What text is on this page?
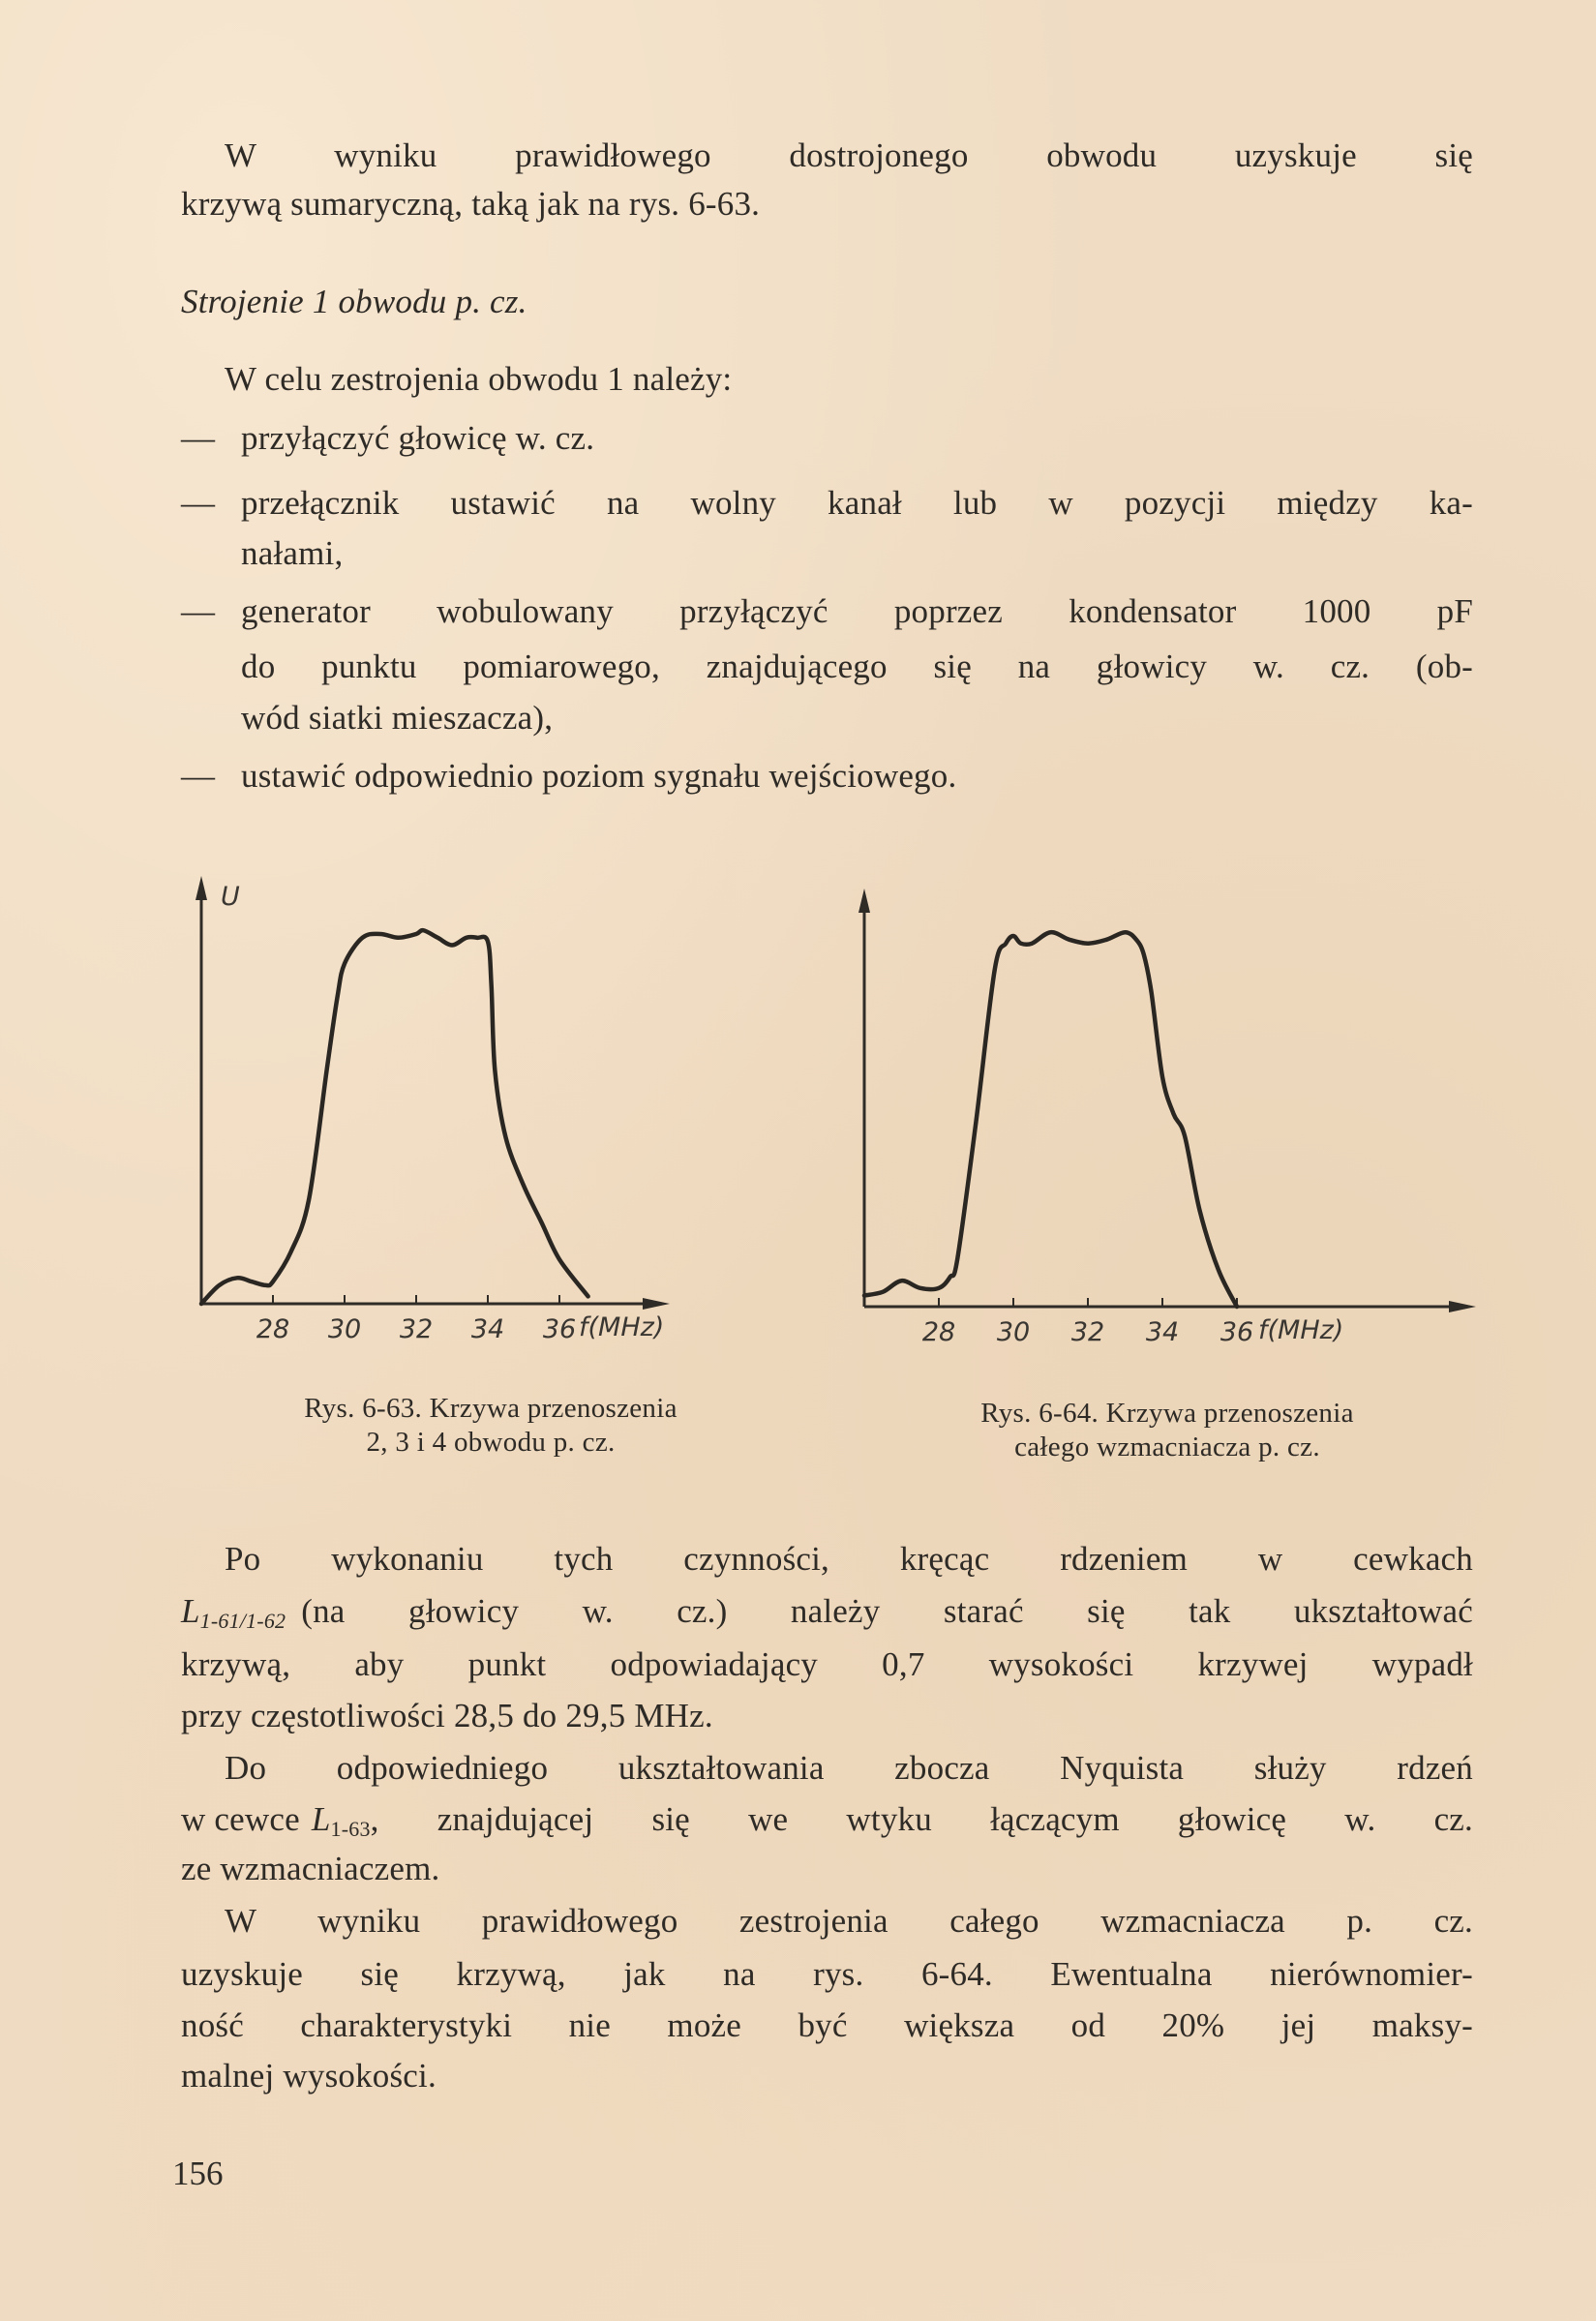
W wyniku prawidłowego dostrojonego obwodu uzyskuje się
krzywą sumaryczną, taką jak na rys. 6-63.
Strojenie 1 obwodu p. cz.
W celu zestrojenia obwodu 1 należy:
— przyłączyć głowicę w. cz.
— przełącznik ustawić na wolny kanał lub w pozycji między ka-
nałami,
— generator wobulowany przyłączyć poprzez kondensator 1000 pF
do punktu pomiarowego, znajdującego się na głowicy w. cz. (ob-
wód siatki mieszacza),
— ustawić odpowiednio poziom sygnału wejściowego.
U
28 30 32 34 36 f(MHz)	28 30 32 34 36 f(MHz)
Rys. 6-63. Krzywa przenoszenia
2, 3 i 4 obwodu p. cz.
Rys. 6-64. Krzywa przenoszenia
całego wzmacniacza p. cz.
Po wykonaniu tych czynności, kręcąc rdzeniem w cewkach
$L_{1-61/1-62}$ (na głowicy w. cz.) należy starać się tak ukształtować
krzywą, aby punkt odpowiadający 0,7 wysokości krzywej wypadł
przy częstotliwości 28,5 do 29,5 MHz.
Do odpowiedniego ukształtowania zbocza Nyquista służy rdzeń
w cewce $L_{1-63}$ , znajdującej się we wtyku łączącym głowicę w. cz.
ze wzmacniaczem.
W wyniku prawidłowego zestrojenia całego wzmacniacza p. cz.
uzyskuje się krzywą, jak na rys. 6-64. Ewentualna nierównomier-
ność charakterystyki nie może być większa od 20% jej maksy-
malnej wysokości.
156
